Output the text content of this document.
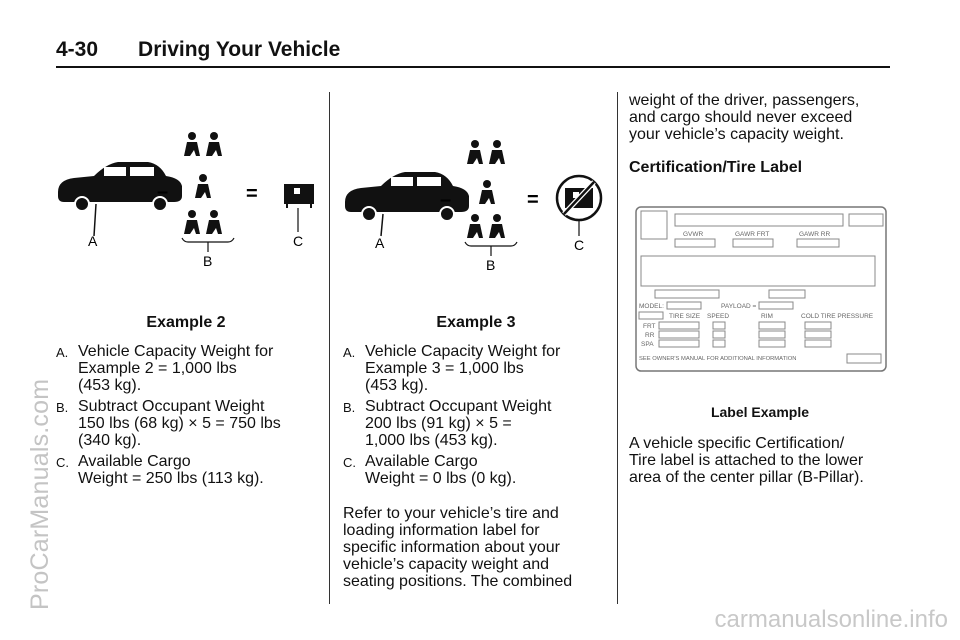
4-30 Driving Your Vehicle
ProCarManuals.com
carmanualsonline.info
A
–
B
=
C
Example 2
A. Vehicle Capacity Weight for
Example 2 = 1,000 lbs
(453 kg).
B. Subtract Occupant Weight
150 lbs (68 kg) × 5 = 750 lbs
(340 kg).
C. Available Cargo
Weight = 250 lbs (113 kg).
A
–
B
=
C
Example 3
A. Vehicle Capacity Weight for
Example 3 = 1,000 lbs
(453 kg).
B. Subtract Occupant Weight
200 lbs (91 kg) × 5 =
1,000 lbs (453 kg).
C. Available Cargo
Weight = 0 lbs (0 kg).
Refer to your vehicle’s tire and
loading information label for
specific information about your
vehicle’s capacity weight and
seating positions. The combined
weight of the driver, passengers,
and cargo should never exceed
your vehicle’s capacity weight.
Certification/Tire Label
GVWR	GAWR FRT	GAWR RR
MODEL:	PAYLOAD =
TIRE SIZE SPEED	RIM	COLD TIRE PRESSURE
FRT
RR
SPA
SEE OWNER'S MANUAL FOR ADDITIONAL INFORMATION
Label Example
A vehicle specific Certification/
Tire label is attached to the lower
area of the center pillar (B-Pillar).
